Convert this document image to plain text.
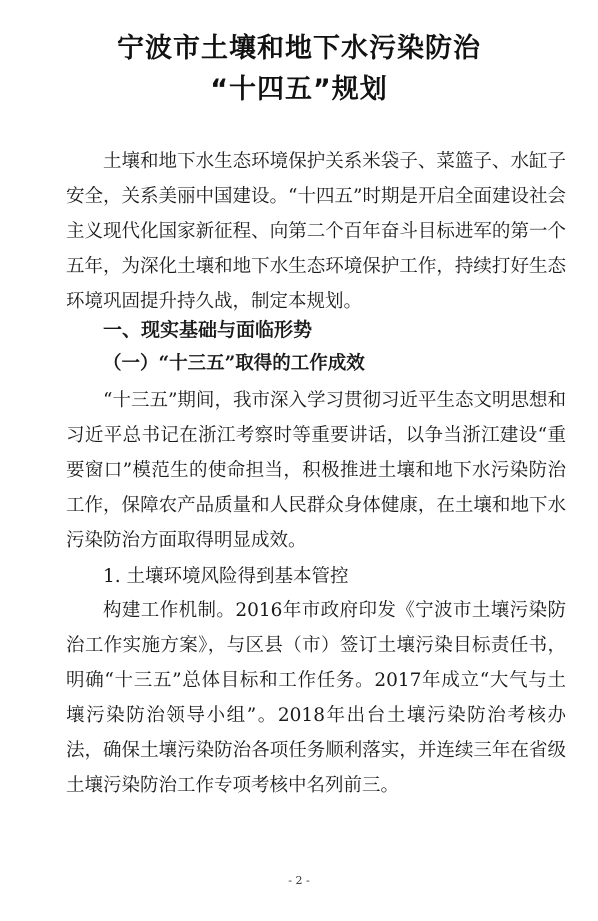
宁波市土壤和地下水污染防治
“十四五”规划

土壤和地下水生态环境保护关系米袋子、菜篮子、水缸子安全，关系美丽中国建设。“十四五”时期是开启全面建设社会主义现代化国家新征程、向第二个百年奋斗目标进军的第一个五年，为深化土壤和地下水生态环境保护工作，持续打好生态环境巩固提升持久战，制定本规划。

一、现实基础与面临形势
（一）“十三五”取得的工作成效

“十三五”期间，我市深入学习贯彻习近平生态文明思想和习近平总书记在浙江考察时等重要讲话，以争当浙江建设“重要窗口”模范生的使命担当，积极推进土壤和地下水污染防治工作，保障农产品质量和人民群众身体健康，在土壤和地下水污染防治方面取得明显成效。

1. 土壤环境风险得到基本管控

构建工作机制。2016年市政府印发《宁波市土壤污染防治工作实施方案》，与区县（市）签订土壤污染目标责任书，明确“十三五”总体目标和工作任务。2017年成立“大气与土壤污染防治领导小组”。2018年出台土壤污染防治考核办法，确保土壤污染防治各项任务顺利落实，并连续三年在省级土壤污染防治工作专项考核中名列前三。

- 2 -
